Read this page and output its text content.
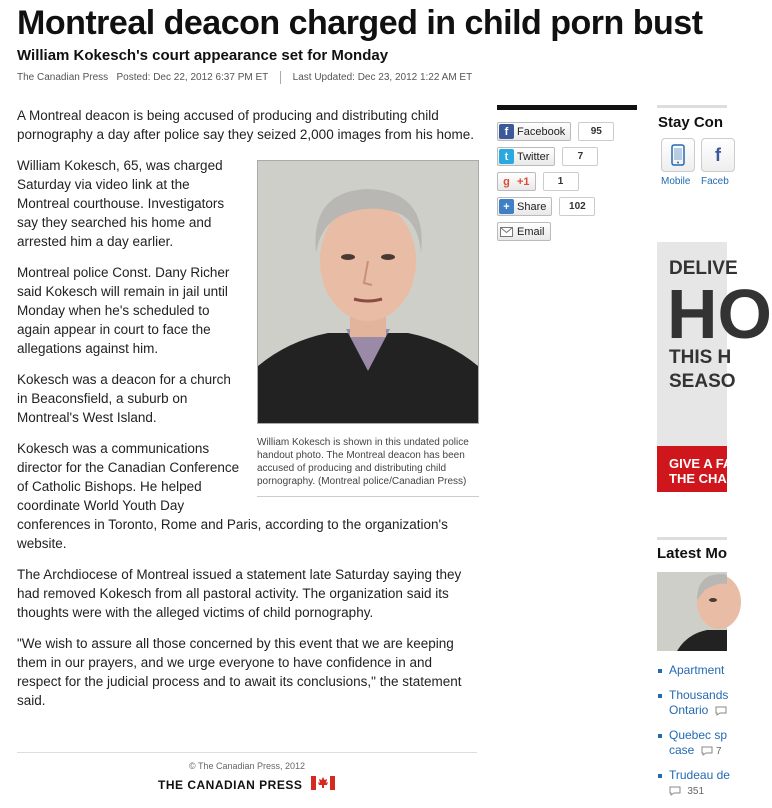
Montreal deacon charged in child porn bust
William Kokesch's court appearance set for Monday
The Canadian Press Posted: Dec 22, 2012 6:37 PM ET Last Updated: Dec 23, 2012 1:22 AM ET

A Montreal deacon is being accused of producing and distributing child pornography a day after police say they seized 2,000 images from his home.

William Kokesch is shown in this undated police handout photo. The Montreal deacon has been accused of producing and distributing child pornography. (Montreal police/Canadian Press)

William Kokesch, 65, was charged Saturday via video link at the Montreal courthouse. Investigators say they searched his home and arrested him a day earlier.

Montreal police Const. Dany Richer said Kokesch will remain in jail until Monday when he's scheduled to again appear in court to face the allegations against him.

Kokesch was a deacon for a church in Beaconsfield, a suburb on Montreal's West Island.

Kokesch was a communications director for the Canadian Conference of Catholic Bishops. He helped coordinate World Youth Day conferences in Toronto, Rome and Paris, according to the organization's website.

The Archdiocese of Montreal issued a statement late Saturday saying they had removed Kokesch from all pastoral activity. The organization said its thoughts were with the alleged victims of child pornography.

"We wish to assure all those concerned by this event that we are keeping them in our prayers, and we urge everyone to have confidence in and respect for the judicial process and to await its conclusions," the statement said.

© The Canadian Press, 2012
THE CANADIAN PRESS
f Facebook	95
t Twitter	7
g +1	1
+ Share	102
Email
Stay Con
Mobile
f
Faceb
DELIVE
HO
THIS H
SEASO
GIVE A FA
THE CHAN
Latest Mo
Apartment
Thousands
Ontario
Quebec sp
case 7
Trudeau de
351
